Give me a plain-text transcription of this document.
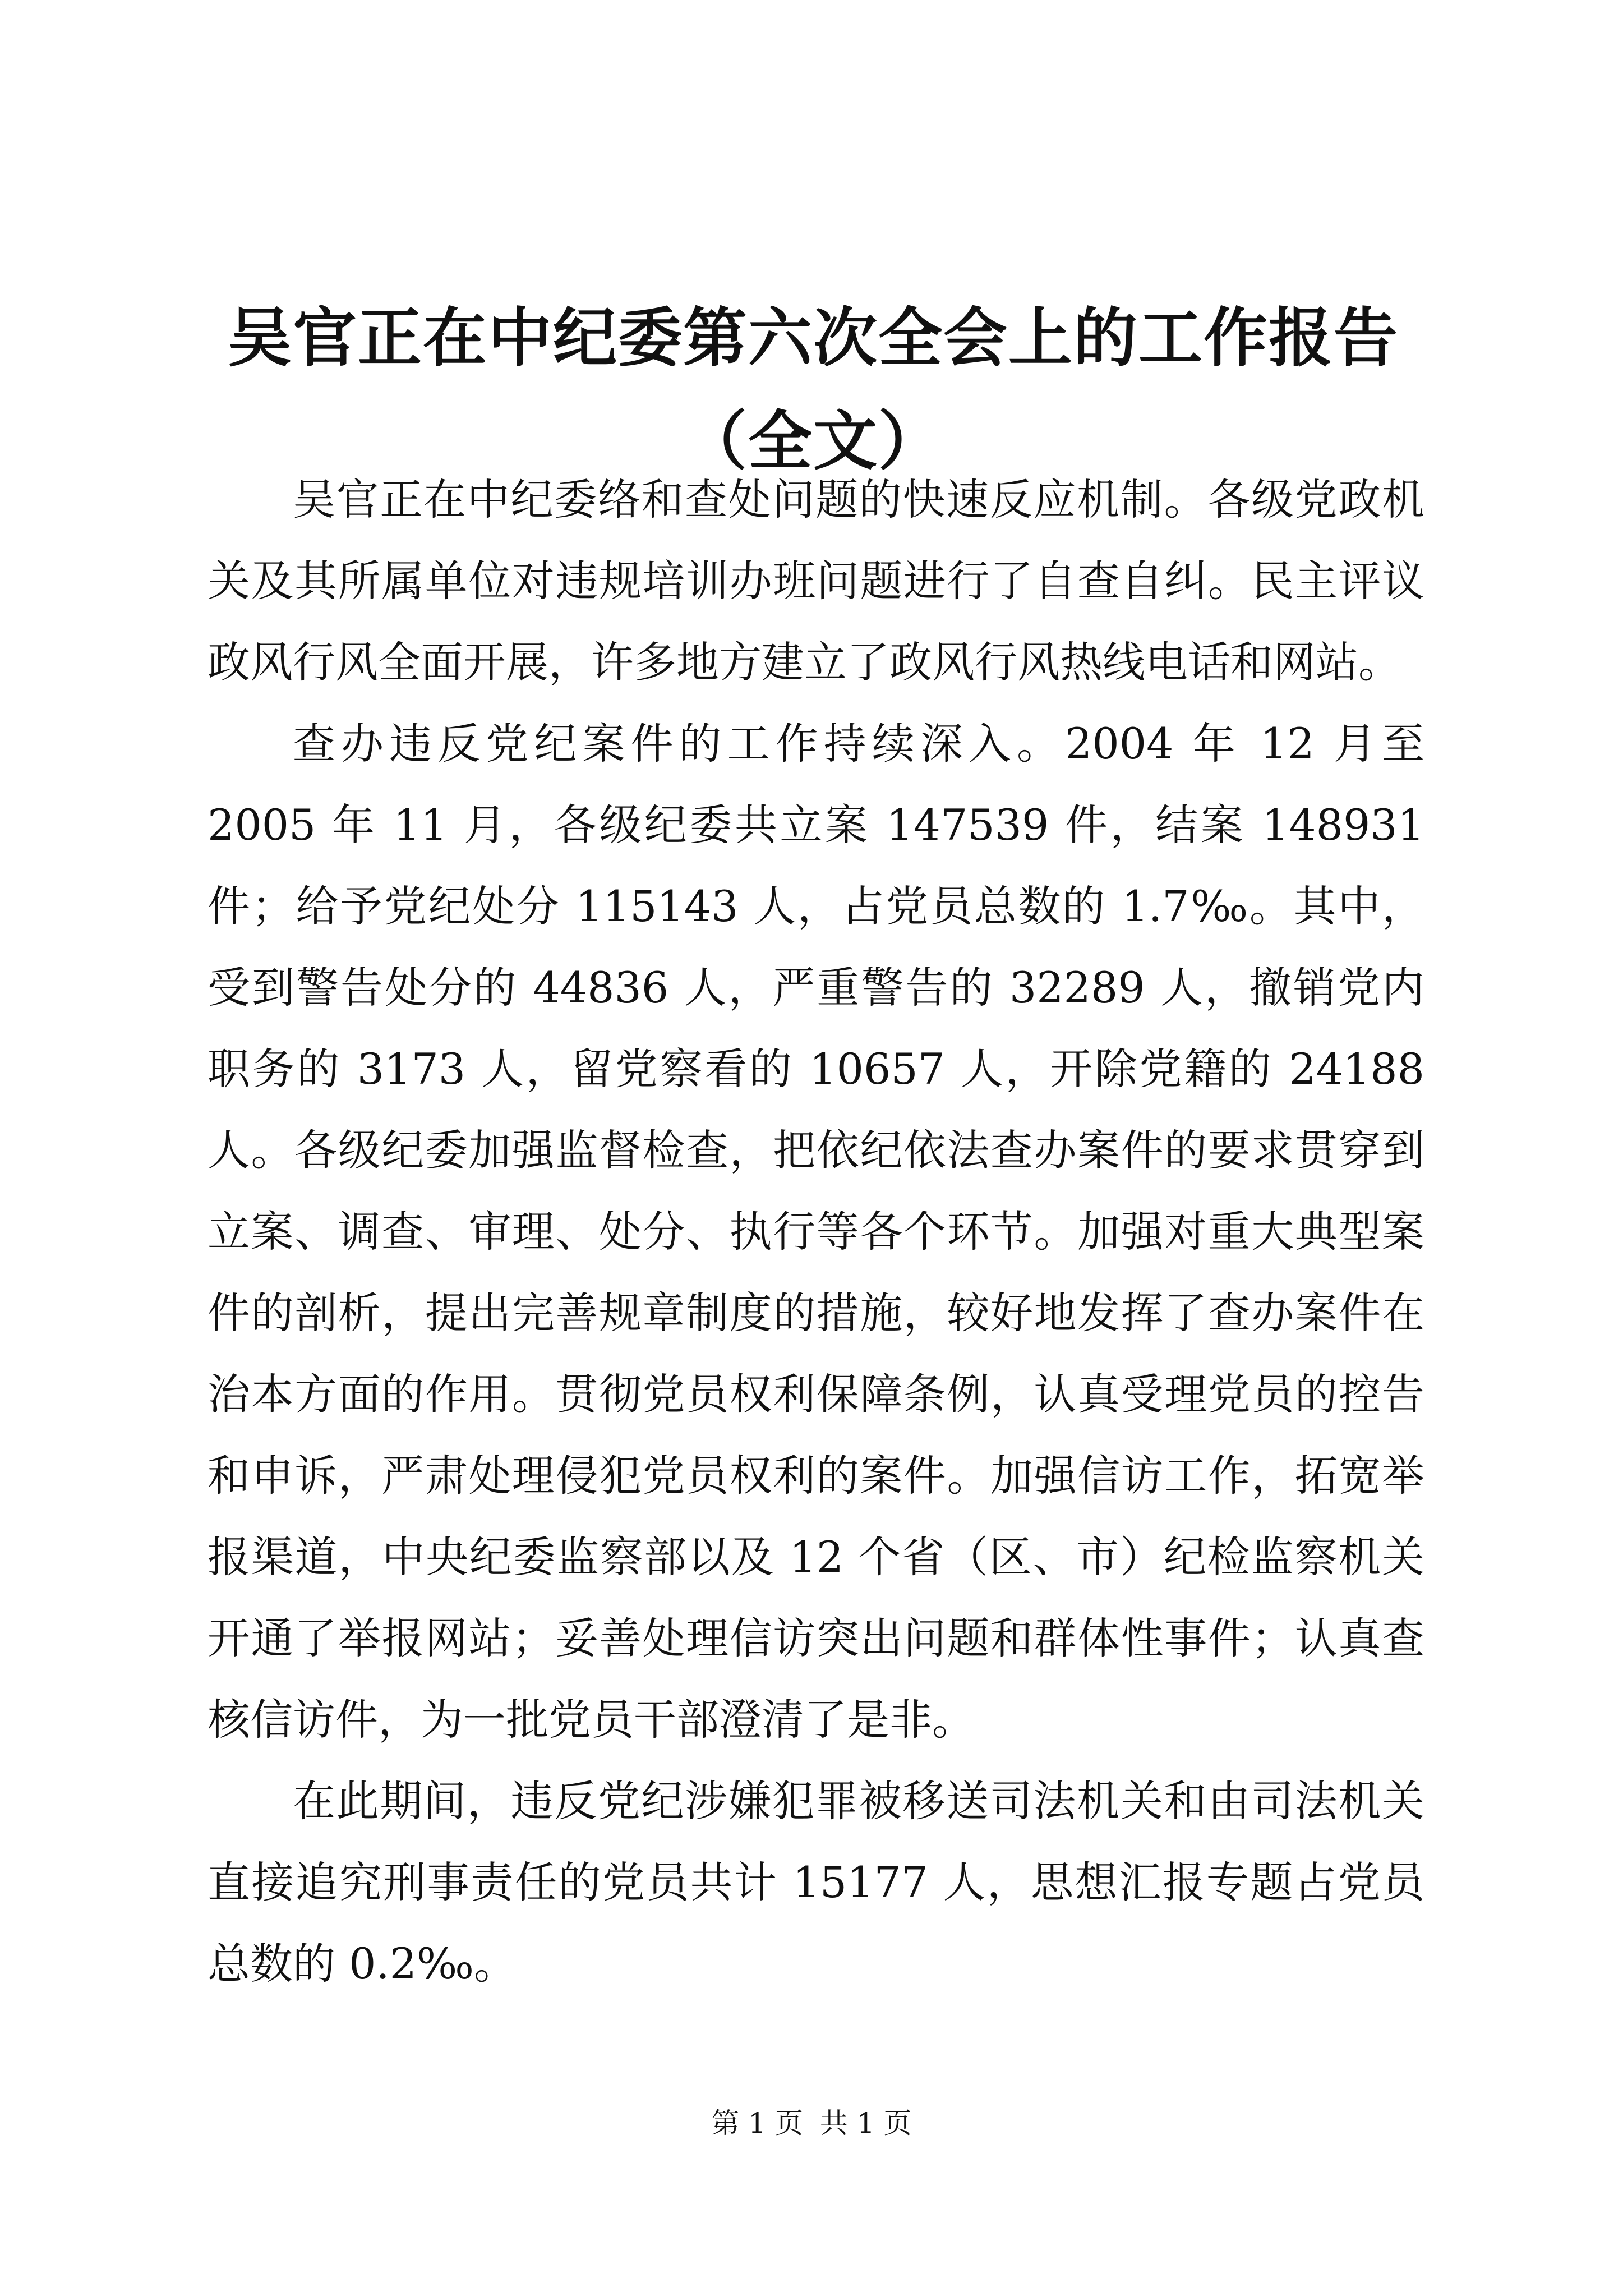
吴官正在中纪委第六次全会上的工作报告（全文）

吴官正在中纪委络和查处问题的快速反应机制。各级党政机关及其所属单位对违规培训办班问题进行了自查自纠。民主评议政风行风全面开展，许多地方建立了政风行风热线电话和网站。

查办违反党纪案件的工作持续深入。2004 年 12 月至 2005 年 11 月，各级纪委共立案 147539 件，结案 148931 件；给予党纪处分 115143 人，占党员总数的 1.7‰。其中，受到警告处分的 44836 人，严重警告的 32289 人，撤销党内职务的 3173 人，留党察看的 10657 人，开除党籍的 24188 人。各级纪委加强监督检查，把依纪依法查办案件的要求贯穿到立案、调查、审理、处分、执行等各个环节。加强对重大典型案件的剖析，提出完善规章制度的措施，较好地发挥了查办案件在治本方面的作用。贯彻党员权利保障条例，认真受理党员的控告和申诉，严肃处理侵犯党员权利的案件。加强信访工作，拓宽举报渠道，中央纪委监察部以及 12 个省（区、市）纪检监察机关开通了举报网站；妥善处理信访突出问题和群体性事件；认真查核信访件，为一批党员干部澄清了是非。

在此期间，违反党纪涉嫌犯罪被移送司法机关和由司法机关直接追究刑事责任的党员共计 15177 人，思想汇报专题占党员总数的 0.2‰。

第 1 页 共 1 页
